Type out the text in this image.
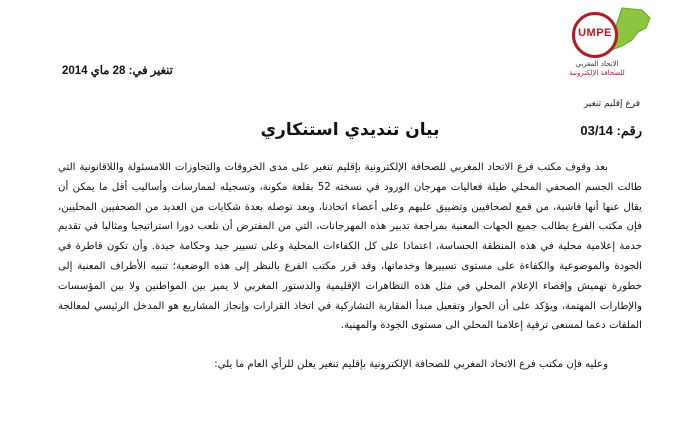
UMPE
الاتحاد المغربي
للصحافة الإلكترونية
تنغير في: 28 ماي 2014
فرع إقليم تنغير
رقم: 03/14
بيان تنديدي استنكاري

بعد وقوف مكتب فرع الاتحاد المغربي للصحافة الإلكترونية بإقليم تنغير على مدى الخروقات والتجاوزات اللامسئولة واللاقانونية التي طالت الجسم الصحفي المحلي طيلة فعاليات مهرجان الورود في نسخته 52 بقلعة مكونة، وتسجيله لممارسات وأساليب أقل ما يمكن أن يقال عنها أنها فاشية، من قمع لصحافيين وتضييق عليهم وعلى أعضاء اتحادنا، وبعد توصله بعدة شكايات من العديد من الصحفيين المحليين، فإن مكتب الفرع يطالب جميع الجهات المعنية بمراجعة تدبير هذه المهرجانات، التي من المفترض أن تلعب دورا استراتيجيا ومثاليا في تقديم خدمة إعلامية محلية في هذه المنطقة الحساسة، اعتمادا على كل الكفاءات المحلية وعلى تسيير جيد وحكامة جيدة. وأن تكون قاطرة في الجودة والموضوعية والكفاءة على مستوى تسييرها وخدماتها، وقد قرر مكتب الفرع بالنظر إلى هذه الوضعية؛ تنبيه الأطراف المعنية إلى خطورة تهميش وإقصاء الإعلام المحلي في مثل هذه التظاهرات الإقليمية والدستور المغربي لا يميز بين المواطنين ولا بين المؤسسات والإطارات المهتمة، ويؤكد على أن الحوار وتفعيل مبدأ المقاربة التشاركية في اتخاذ القرارات وإنجاز المشاريع هو المدخل الرئيسي لمعالجة الملفات دعما لمسعى ترقية إعلامنا المحلي الى مستوى الجودة والمهنية.

وعليه فإن مكتب فرع الاتحاد المغربي للصحافة الإلكترونية بإقليم تنغير يعلن للرأي العام ما يلي:
